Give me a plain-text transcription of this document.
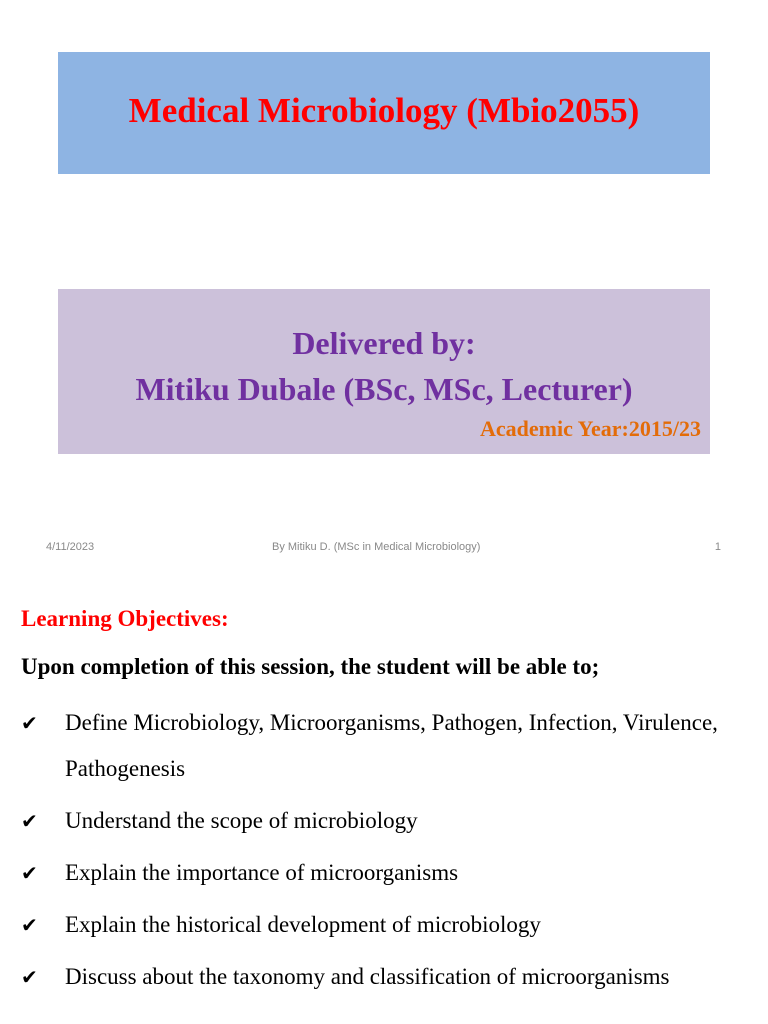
Medical Microbiology (Mbio2055)
Delivered by:
Mitiku Dubale (BSc, MSc, Lecturer)
Academic Year:2015/23
4/11/2023	By Mitiku D. (MSc in Medical Microbiology)	1
Learning Objectives:
Upon completion of this session, the student will be able to;
✔ Define Microbiology, Microorganisms, Pathogen, Infection, Virulence, Pathogenesis
✔ Understand the scope of microbiology
✔ Explain the importance of microorganisms
✔ Explain the historical development of microbiology
✔ Discuss about the taxonomy and classification of microorganisms
